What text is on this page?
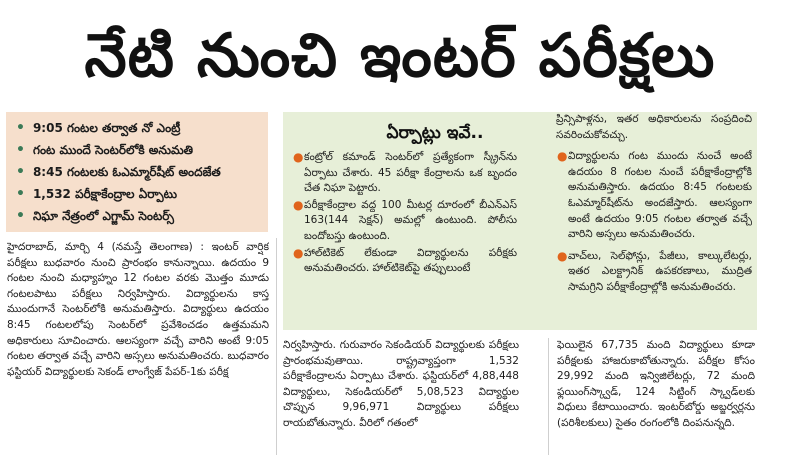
నేటి నుంచి ఇంటర్‌ పరీక్షలు
• 9:05 గంటల తర్వాత నో ఎంట్రీ
• గంట ముందే సెంటర్‌లోకి అనుమతి
• 8:45 గంటలకు ఓఎమ్మార్‌షీట్‌ అందజేత
• 1,532 పరీక్షాకేంద్రాల ఏర్పాటు
• నిఘా నేత్రంలో ఎగ్జామ్‌ సెంటర్స్‌
ఏర్పాట్లు ఇవే..
● కంట్రోల్‌ కమాండ్‌ సెంటర్‌లో ప్రత్యేకంగా స్క్రీన్‌ను ఏర్పాటు చేశారు. 45 పరీక్షా కేంద్రాలను ఒక బృందం చేత నిఘా పెట్టారు.
● పరీక్షాకేంద్రాల వద్ద 100 మీటర్ల దూరంలో బీఎన్‌ఎస్‌ 163(144 సెక్షన్‌) అమల్లో ఉంటుంది. పోలీసు బందోబస్తు ఉంటుంది.
● హాల్‌టికెట్‌ లేకుండా విద్యార్థులను పరీక్షకు అనుమతించరు. హాల్‌టికెట్‌పై తప్పులుంటే
ప్రిన్సిపాళ్లను, ఇతర అధికారులను సంప్రదించి సవరించుకోవచ్చు.
● విద్యార్థులను గంట ముందు నుంచే అంటే ఉదయం 8 గంటల నుంచే పరీక్షాకేంద్రాల్లోకి అనుమతిస్తారు. ఉదయం 8:45 గంటలకు ఓఎమ్మార్‌షీట్‌ను అందజేస్తారు. ఆలస్యంగా అంటే ఉదయం 9:05 గంటల తర్వాత వచ్చే వారిని అస్సలు అనుమతించరు.
● వాచ్‌లు, సెల్‌ఫోన్లు, పేజీలు, కాల్కులేటర్లు, ఇతర ఎలక్ట్రానిక్‌ ఉపకరణాలు, ముద్రిత సామగ్రిని పరీక్షాకేంద్రాల్లోకి అనుమతించరు.
హైదరాబాద్‌, మార్చి 4 (నమస్తే తెలంగాణ) : ఇంటర్‌ వార్షిక పరీక్షలు బుధవారం నుంచి ప్రారంభం కానున్నాయి. ఉదయం 9 గంటల నుంచి మధ్యాహ్నం 12 గంటల వరకు మొత్తం మూడు గంటలపాటు పరీక్షలు నిర్వహిస్తారు. విద్యార్థులను కాస్త ముందుగానే సెంటర్‌లోకి అనుమతిస్తారు. విద్యార్థులు ఉదయం 8:45 గంటలలోపు సెంటర్‌లో ప్రవేశించడం ఉత్తమమని అధికారులు సూచించారు. ఆలస్యంగా వచ్చే వారిని అంటే 9:05 గంటల తర్వాత వచ్చే వారిని అస్సలు అనుమతించరు. బుధవారం ఫస్టియర్‌ విద్యార్థులకు సెకండ్‌ లాంగ్వేజ్‌ పేపర్‌-1కు పరీక్ష
నిర్వహిస్తారు. గురువారం సెకండియర్‌ విద్యార్థులకు పరీక్షలు ప్రారంభమవుతాయి. రాష్ట్రవ్యాప్తంగా 1,532 పరీక్షాకేంద్రాలను ఏర్పాటు చేశారు. ఫస్టియర్‌లో 4,88,448 విద్యార్థులు, సెకండియర్‌లో 5,08,523 విద్యార్థుల చొప్పున 9,96,971 విద్యార్థులు పరీక్షలు రాయబోతున్నారు. వీరిలో గతంలో
ఫెయిలైన 67,735 మంది విద్యార్థులు కూడా పరీక్షలకు హాజరుకాబోతున్నారు. పరీక్షల కోసం 29,992 మంది ఇన్విజిలేటర్లు, 72 మంది ఫ్లయింగ్‌స్క్వాడ్‌, 124 సిట్టింగ్‌ స్క్వాడ్‌లకు విధులు కేటాయించారు. ఇంటర్‌బోర్డు అబ్జర్వర్లను (పరిశీలకులు) సైతం రంగంలోకి దింపనున్నది.
